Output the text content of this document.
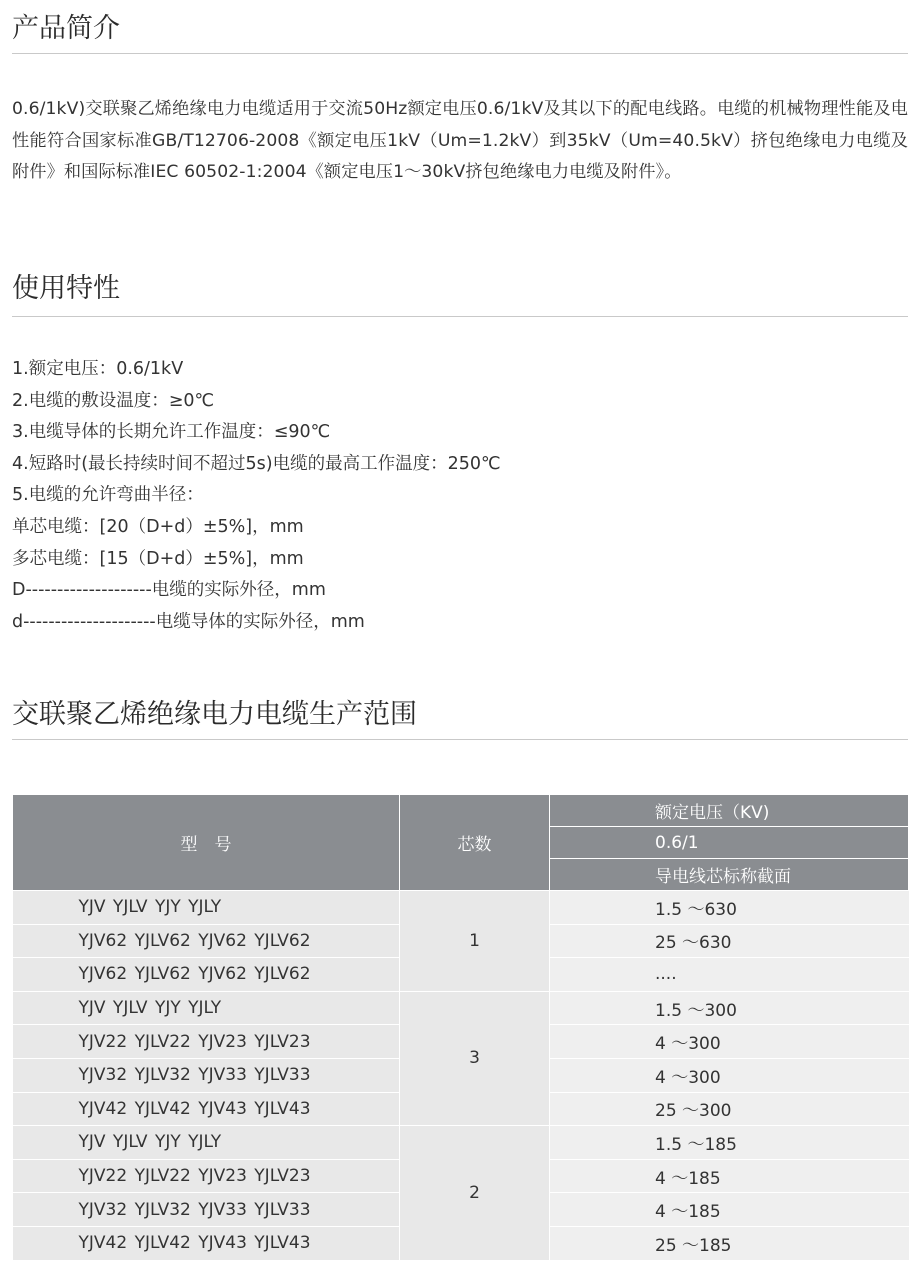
产品简介

0.6/1kV)交联聚乙烯绝缘电力电缆适用于交流50Hz额定电压0.6/1kV及其以下的配电线路。电缆的机械物理性能及电性能符合国家标准GB/T12706-2008《额定电压1kV（Um=1.2kV）到35kV（Um=40.5kV）挤包绝缘电力电缆及附件》和国际标准IEC 60502-1:2004《额定电压1～30kV挤包绝缘电力电缆及附件》。

使用特性
1.额定电压：0.6/1kV
2.电缆的敷设温度：≥0℃
3.电缆导体的长期允许工作温度：≤90℃
4.短路时(最长持续时间不超过5s)电缆的最高工作温度：250℃
5.电缆的允许弯曲半径：
单芯电缆：[20（D+d）±5%]，mm
多芯电缆：[15（D+d）±5%]，mm
D--------------------电缆的实际外径，mm
d---------------------电缆导体的实际外径，mm
交联聚乙烯绝缘电力电缆生产范围
型　号	芯数	额定电压（KV)
		0.6/1
		导电线芯标称截面
YJV YJLV YJY YJLY	1	1.5 ～630
YJV62 YJLV62 YJV62 YJLV62		25 ～630
YJV62 YJLV62 YJV62 YJLV62		....
YJV YJLV YJY YJLY	3	1.5 ～300
YJV22 YJLV22 YJV23 YJLV23		4 ～300
YJV32 YJLV32 YJV33 YJLV33		4 ～300
YJV42 YJLV42 YJV43 YJLV43		25 ～300
YJV YJLV YJY YJLY	2	1.5 ～185
YJV22 YJLV22 YJV23 YJLV23		4 ～185
YJV32 YJLV32 YJV33 YJLV33		4 ～185
YJV42 YJLV42 YJV43 YJLV43		25 ～185
